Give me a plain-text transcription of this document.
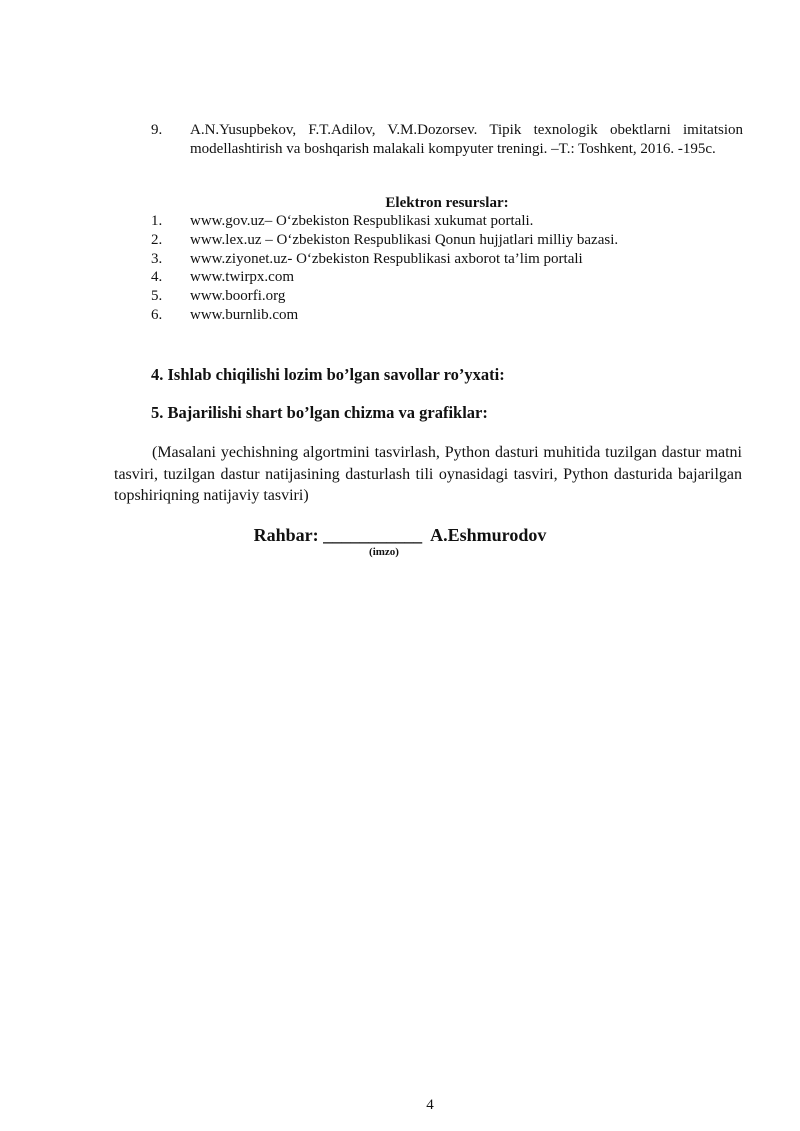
9. A.N.Yusupbekov, F.T.Adilov, V.M.Dozorsev. Tipik texnologik obektlarni imitatsion modellashtirish va boshqarish malakali kompyuter treningi. –T.: Toshkent, 2016. -195c.
Elektron resurslar:
1. www.gov.uz– O‘zbekiston Respublikasi xukumat portali.
2. www.lex.uz – O‘zbekiston Respublikasi Qonun hujjatlari milliy bazasi.
3. www.ziyonet.uz- O‘zbekiston Respublikasi axborot ta’lim portali
4. www.twirpx.com
5. www.boorfi.org
6. www.burnlib.com
4. Ishlab chiqilishi lozim bo’lgan savollar ro’yxati:
5. Bajarilishi shart bo’lgan chizma va grafiklar:
(Masalani yechishning algortmini tasvirlash, Python dasturi muhitida tuzilgan dastur matni tasviri, tuzilgan dastur natijasining dasturlash tili oynasidagi tasviri, Python dasturida bajarilgan topshiriqning natijaviy tasviri)
Rahbar: ___________ A.Eshmurodov
(imzo)
4
